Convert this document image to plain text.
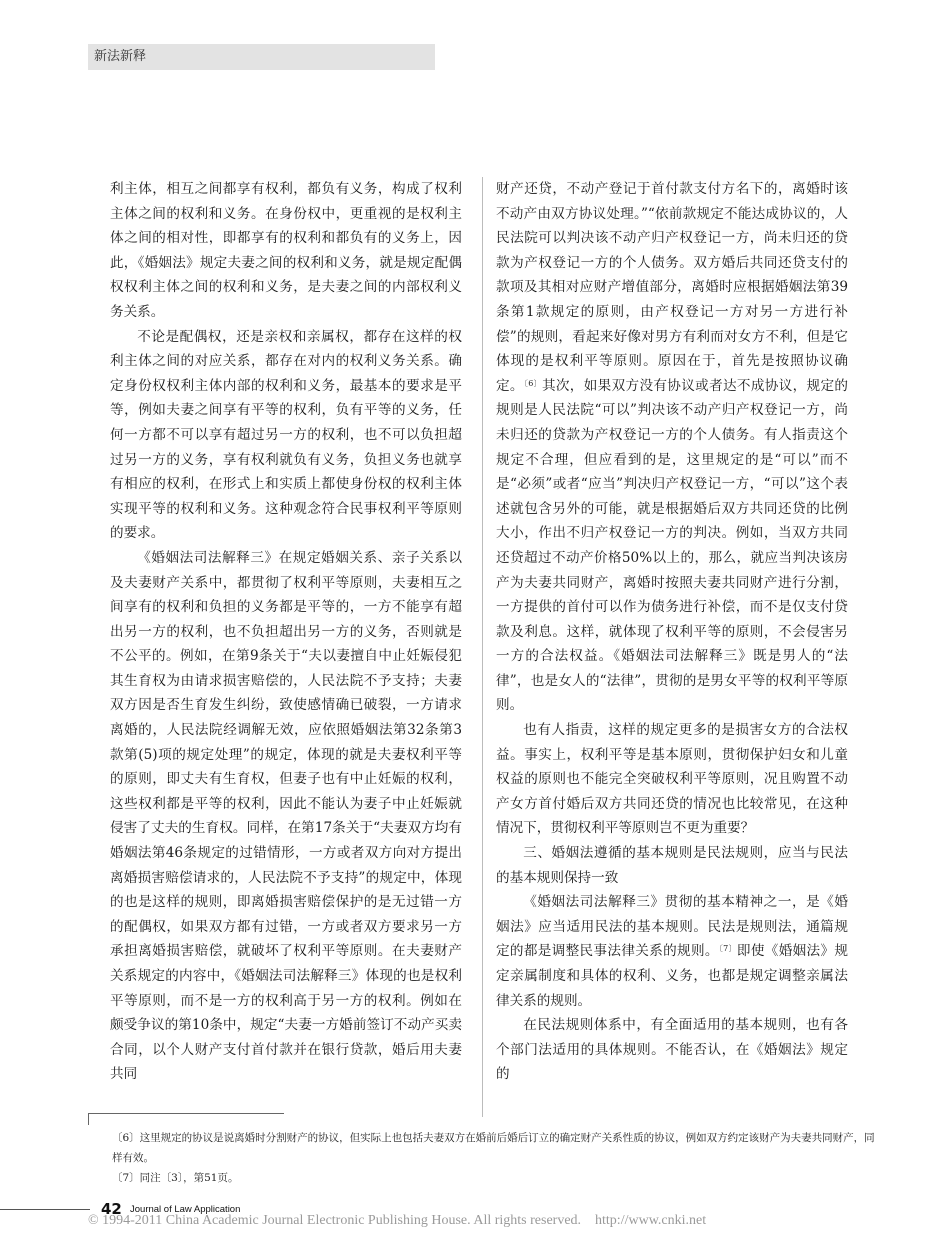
新法新释

利主体，相互之间都享有权利，都负有义务，构成了权利主体之间的权利和义务。在身份权中，更重视的是权利主体之间的相对性，即都享有的权利和都负有的义务上，因此，《婚姻法》规定夫妻之间的权利和义务，就是规定配偶权权利主体之间的权利和义务，是夫妻之间的内部权利义务关系。

不论是配偶权，还是亲权和亲属权，都存在这样的权利主体之间的对应关系，都存在对内的权利义务关系。确定身份权权利主体内部的权利和义务，最基本的要求是平等，例如夫妻之间享有平等的权利，负有平等的义务，任何一方都不可以享有超过另一方的权利，也不可以负担超过另一方的义务，享有权利就负有义务，负担义务也就享有相应的权利，在形式上和实质上都使身份权的权利主体实现平等的权利和义务。这种观念符合民事权利平等原则的要求。

《婚姻法司法解释三》在规定婚姻关系、亲子关系以及夫妻财产关系中，都贯彻了权利平等原则，夫妻相互之间享有的权利和负担的义务都是平等的，一方不能享有超出另一方的权利，也不负担超出另一方的义务，否则就是不公平的。例如，在第9条关于“夫以妻擅自中止妊娠侵犯其生育权为由请求损害赔偿的，人民法院不予支持；夫妻双方因是否生育发生纠纷，致使感情确已破裂，一方请求离婚的，人民法院经调解无效，应依照婚姻法第32条第3款第(5)项的规定处理”的规定，体现的就是夫妻权利平等的原则，即丈夫有生育权，但妻子也有中止妊娠的权利，这些权利都是平等的权利，因此不能认为妻子中止妊娠就侵害了丈夫的生育权。同样，在第17条关于“夫妻双方均有婚姻法第46条规定的过错情形，一方或者双方向对方提出离婚损害赔偿请求的，人民法院不予支持”的规定中，体现的也是这样的规则，即离婚损害赔偿保护的是无过错一方的配偶权，如果双方都有过错，一方或者双方要求另一方承担离婚损害赔偿，就破坏了权利平等原则。在夫妻财产关系规定的内容中，《婚姻法司法解释三》体现的也是权利平等原则，而不是一方的权利高于另一方的权利。例如在颇受争议的第10条中，规定“夫妻一方婚前签订不动产买卖合同，以个人财产支付首付款并在银行贷款，婚后用夫妻共同

财产还贷，不动产登记于首付款支付方名下的，离婚时该不动产由双方协议处理。”“依前款规定不能达成协议的，人民法院可以判决该不动产归产权登记一方，尚未归还的贷款为产权登记一方的个人债务。双方婚后共同还贷支付的款项及其相对应财产增值部分，离婚时应根据婚姻法第39条第1款规定的原则，由产权登记一方对另一方进行补偿”的规则，看起来好像对男方有利而对女方不利，但是它体现的是权利平等原则。原因在于，首先是按照协议确定。$^{〔6〕}$其次，如果双方没有协议或者达不成协议，规定的规则是人民法院“可以”判决该不动产归产权登记一方，尚未归还的贷款为产权登记一方的个人债务。有人指责这个规定不合理，但应看到的是，这里规定的是“可以”而不是“必须”或者“应当”判决归产权登记一方，“可以”这个表述就包含另外的可能，就是根据婚后双方共同还贷的比例大小，作出不归产权登记一方的判决。例如，当双方共同还贷超过不动产价格50%以上的，那么，就应当判决该房产为夫妻共同财产，离婚时按照夫妻共同财产进行分割，一方提供的首付可以作为债务进行补偿，而不是仅支付贷款及利息。这样，就体现了权利平等的原则，不会侵害另一方的合法权益。《婚姻法司法解释三》既是男人的“法律”，也是女人的“法律”，贯彻的是男女平等的权利平等原则。

也有人指责，这样的规定更多的是损害女方的合法权益。事实上，权利平等是基本原则，贯彻保护妇女和儿童权益的原则也不能完全突破权利平等原则，况且购置不动产女方首付婚后双方共同还贷的情况也比较常见，在这种情况下，贯彻权利平等原则岂不更为重要？

三、婚姻法遵循的基本规则是民法规则，应当与民法的基本规则保持一致

《婚姻法司法解释三》贯彻的基本精神之一，是《婚姻法》应当适用民法的基本规则。民法是规则法，通篇规定的都是调整民事法律关系的规则。$^{〔7〕}$即使《婚姻法》规定亲属制度和具体的权利、义务，也都是规定调整亲属法律关系的规则。

在民法规则体系中，有全面适用的基本规则，也有各个部门法适用的具体规则。不能否认，在《婚姻法》规定的

〔6〕这里规定的协议是说离婚时分割财产的协议，但实际上也包括夫妻双方在婚前后婚后订立的确定财产关系性质的协议，例如双方约定该财产为夫妻共同财产，同样有效。

〔7〕同注〔3〕，第51页。

42 Journal of Law Application
© 1994-2011 China Academic Journal Electronic Publishing House. All rights reserved.    http://www.cnki.net
